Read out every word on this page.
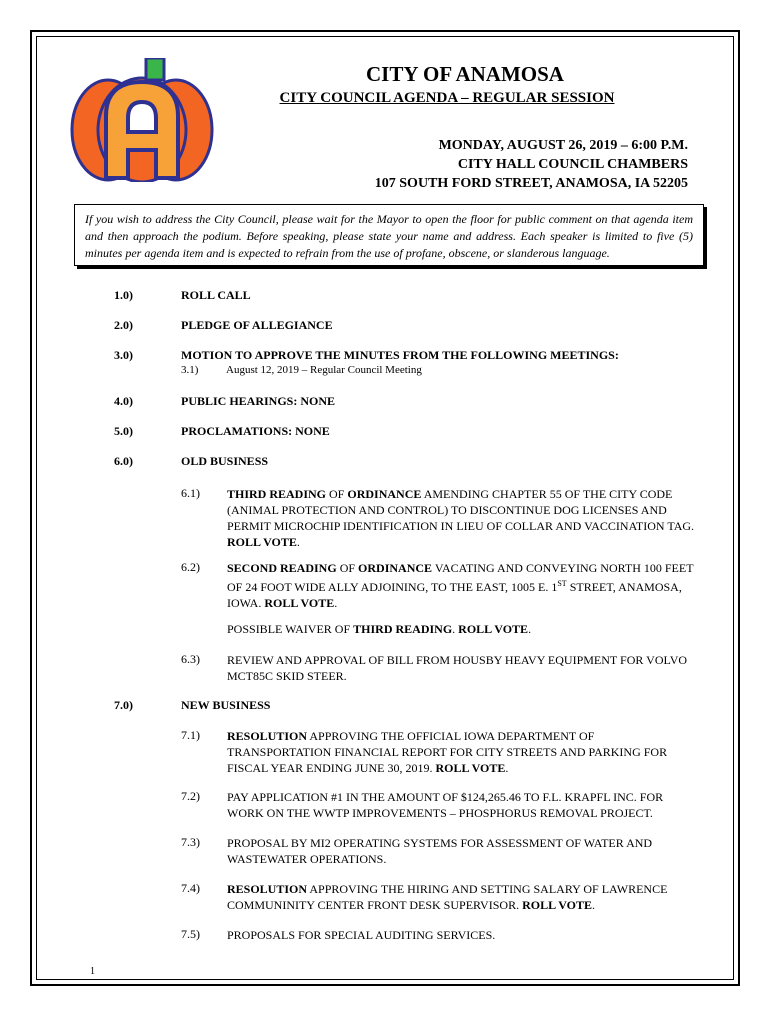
CITY OF ANAMOSA
CITY COUNCIL AGENDA – REGULAR SESSION
MONDAY, AUGUST 26, 2019 – 6:00 P.M.
CITY HALL COUNCIL CHAMBERS
107 SOUTH FORD STREET, ANAMOSA, IA 52205
If you wish to address the City Council, please wait for the Mayor to open the floor for public comment on that agenda item and then approach the podium. Before speaking, please state your name and address. Each speaker is limited to five (5) minutes per agenda item and is expected to refrain from the use of profane, obscene, or slanderous language.
1.0)	ROLL CALL
2.0)	PLEDGE OF ALLEGIANCE
3.0)	MOTION TO APPROVE THE MINUTES FROM THE FOLLOWING MEETINGS:
3.1)	August 12, 2019 – Regular Council Meeting
4.0)	PUBLIC HEARINGS: NONE
5.0)	PROCLAMATIONS: NONE
6.0)	OLD BUSINESS
6.1) THIRD READING OF ORDINANCE AMENDING CHAPTER 55 OF THE CITY CODE (ANIMAL PROTECTION AND CONTROL) TO DISCONTINUE DOG LICENSES AND PERMIT MICROCHIP IDENTIFICATION IN LIEU OF COLLAR AND VACCINATION TAG. ROLL VOTE.
6.2) SECOND READING OF ORDINANCE VACATING AND CONVEYING NORTH 100 FEET OF 24 FOOT WIDE ALLY ADJOINING, TO THE EAST, 1005 E. 1ST STREET, ANAMOSA, IOWA. ROLL VOTE.
POSSIBLE WAIVER OF THIRD READING. ROLL VOTE.
6.3) REVIEW AND APPROVAL OF BILL FROM HOUSBY HEAVY EQUIPMENT FOR VOLVO MCT85C SKID STEER.
7.0)	NEW BUSINESS
7.1) RESOLUTION APPROVING THE OFFICIAL IOWA DEPARTMENT OF TRANSPORTATION FINANCIAL REPORT FOR CITY STREETS AND PARKING FOR FISCAL YEAR ENDING JUNE 30, 2019. ROLL VOTE.
7.2) PAY APPLICATION #1 IN THE AMOUNT OF $124,265.46 TO F.L. KRAPFL INC. FOR WORK ON THE WWTP IMPROVEMENTS – PHOSPHORUS REMOVAL PROJECT.
7.3) PROPOSAL BY MI2 OPERATING SYSTEMS FOR ASSESSMENT OF WATER AND WASTEWATER OPERATIONS.
7.4) RESOLUTION APPROVING THE HIRING AND SETTING SALARY OF LAWRENCE COMMUNINITY CENTER FRONT DESK SUPERVISOR. ROLL VOTE.
7.5) PROPOSALS FOR SPECIAL AUDITING SERVICES.
1
